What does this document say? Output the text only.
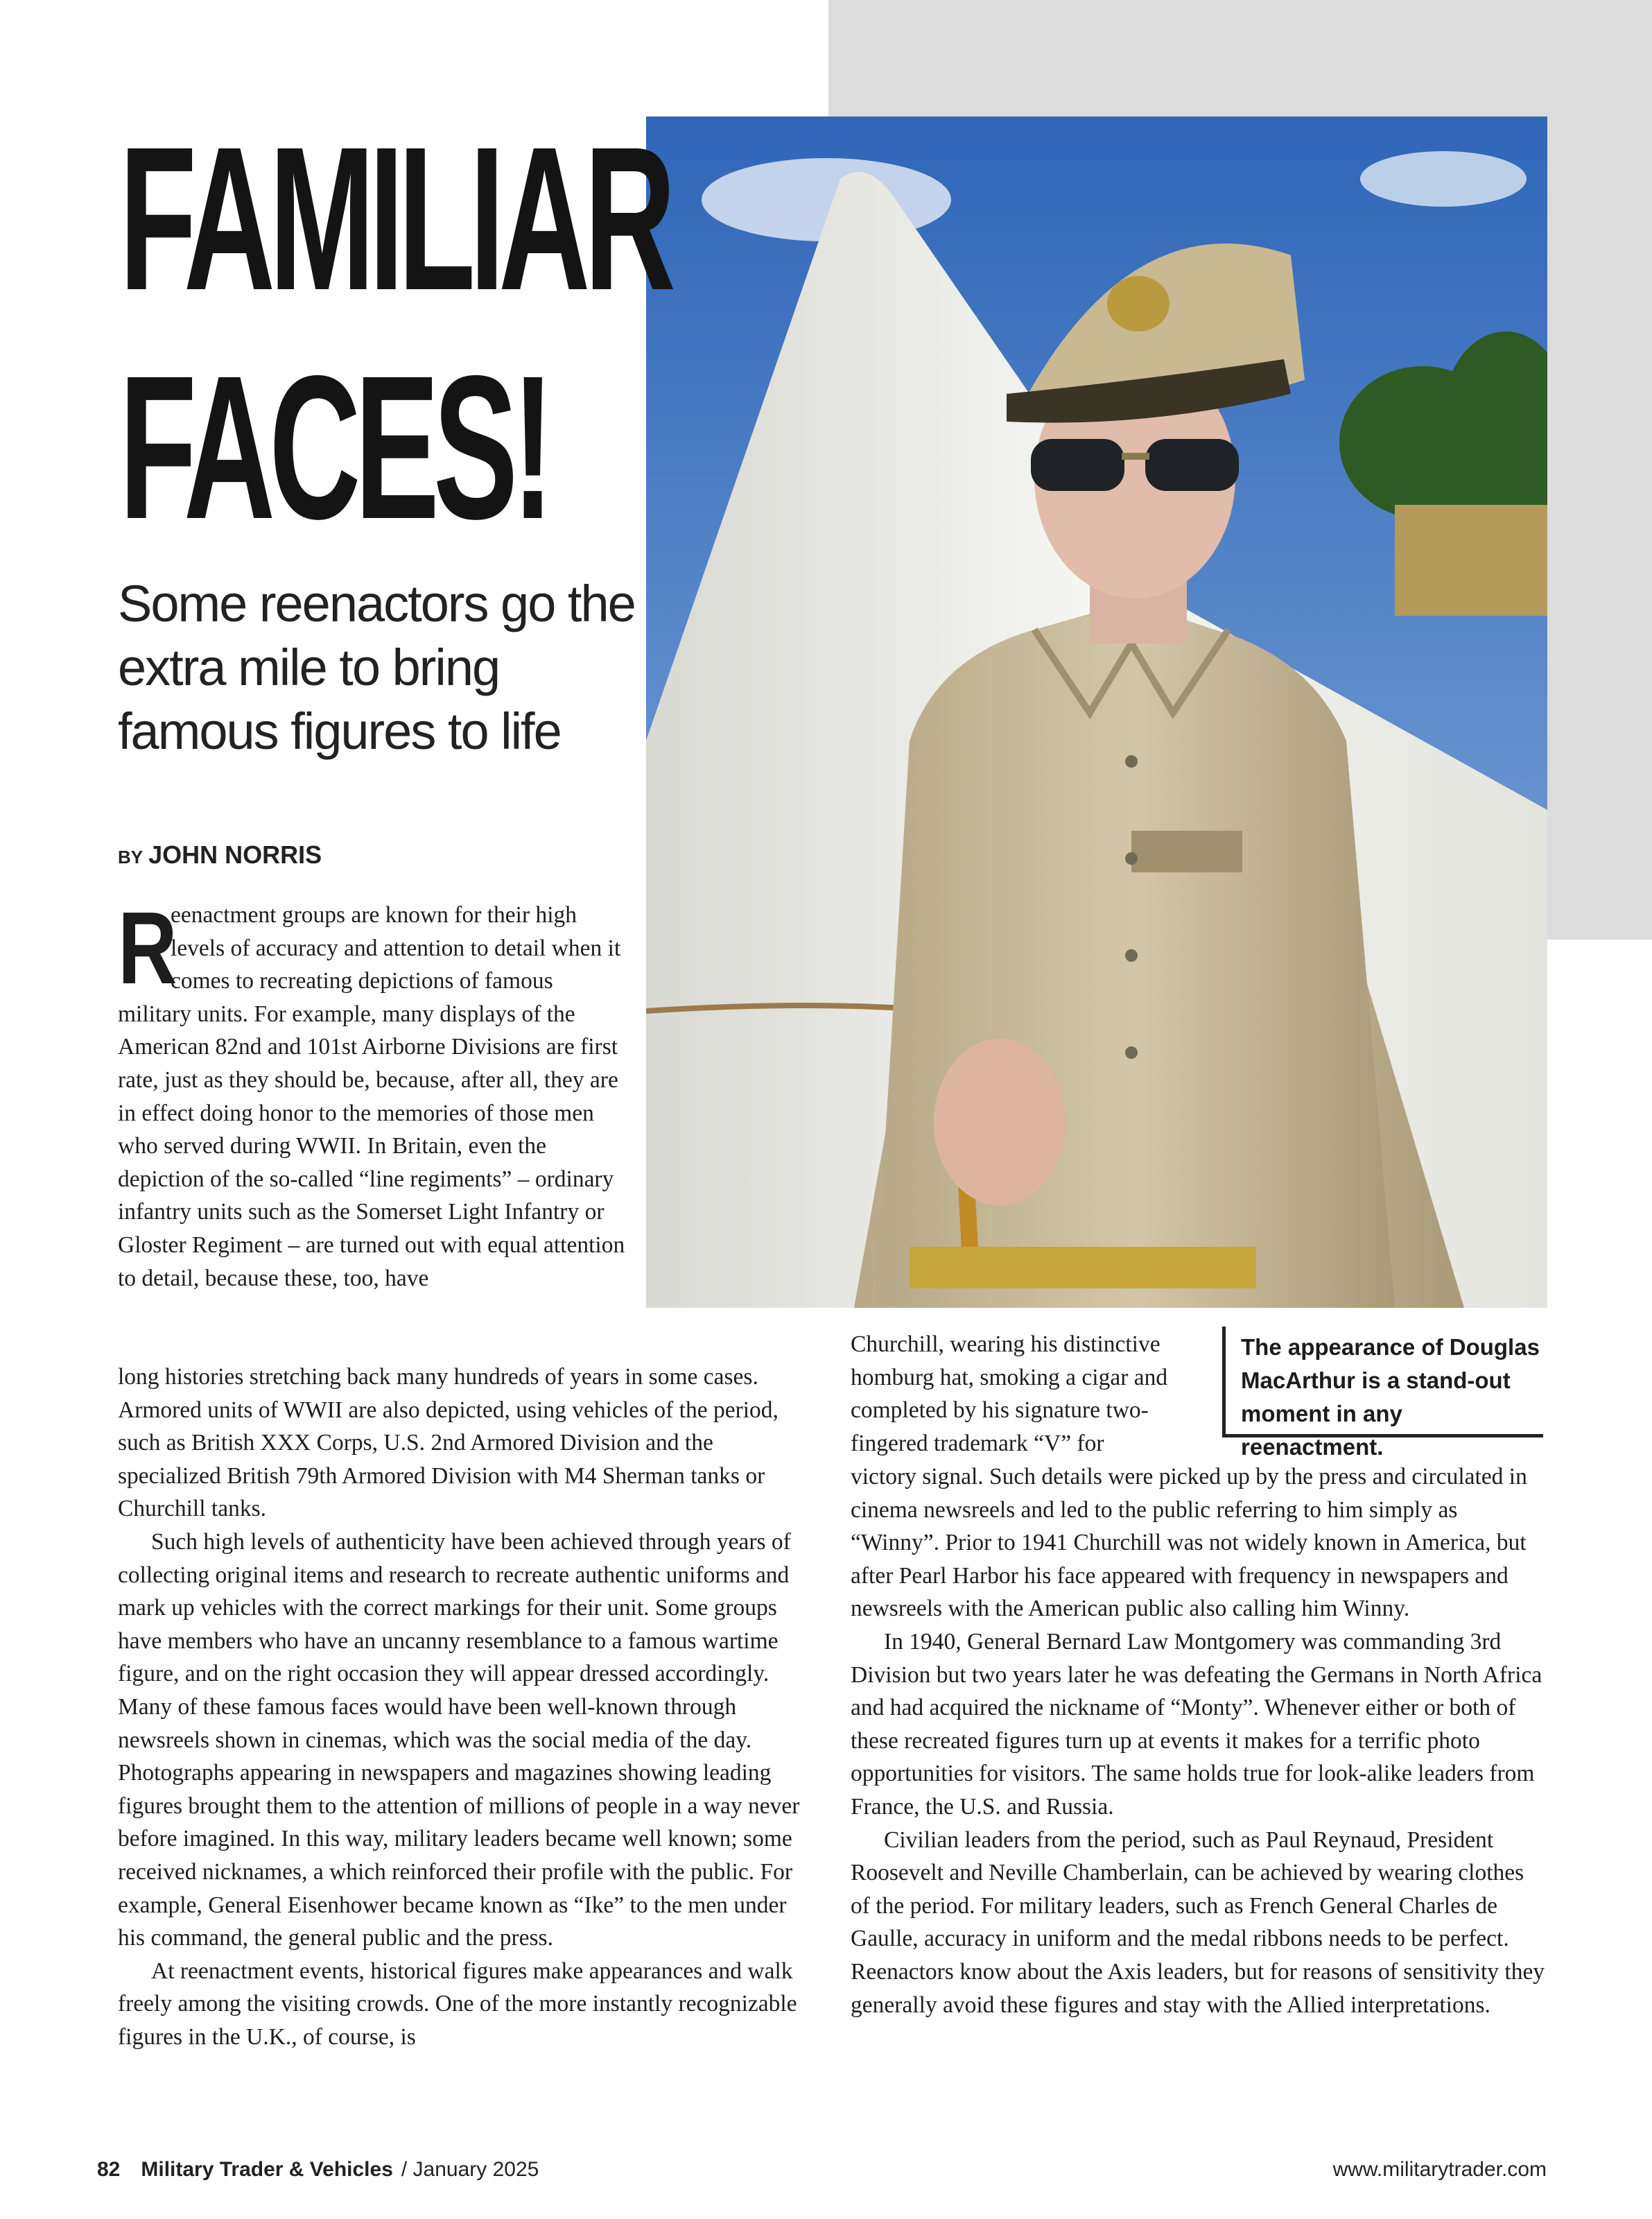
FAMILIAR
FACES!

Some reenactors go the extra mile to bring famous figures to life

BY JOHN NORRIS

R
eenactment groups are known for their high levels of accuracy and attention to detail when it comes to recreating depictions of famous military units. For example, many displays of the American 82nd and 101st Airborne Divisions are first rate, just as they should be, because, after all, they are in effect doing honor to the memories of those men who served during WWII. In Britain, even the depiction of the so-called “line regiments” – ordinary infantry units such as the Somerset Light Infantry or Gloster Regiment – are turned out with equal attention to detail, because these, too, have

long histories stretching back many hundreds of years in some cases. Armored units of WWII are also depicted, using vehicles of the period, such as British XXX Corps, U.S. 2nd Armored Division and the specialized British 79th Armored Division with M4 Sherman tanks or Churchill tanks.

Such high levels of authenticity have been achieved through years of collecting original items and research to recreate authentic uniforms and mark up vehicles with the correct markings for their unit. Some groups have members who have an uncanny resemblance to a famous wartime figure, and on the right occasion they will appear dressed accordingly. Many of these famous faces would have been well-known through newsreels shown in cinemas, which was the social media of the day. Photographs appearing in newspapers and magazines showing leading figures brought them to the attention of millions of people in a way never before imagined. In this way, military leaders became well known; some received nicknames, a which reinforced their profile with the public. For example, General Eisenhower became known as “Ike” to the men under his command, the general public and the press.

At reenactment events, historical figures make appearances and walk freely among the visiting crowds. One of the more instantly recognizable figures in the U.K., of course, is

Churchill, wearing his distinctive homburg hat, smoking a cigar and completed by his signature two-fingered trademark “V” for

The appearance of Douglas MacArthur is a stand-out moment in any reenactment.

victory signal. Such details were picked up by the press and circulated in cinema newsreels and led to the public referring to him simply as “Winny”. Prior to 1941 Churchill was not widely known in America, but after Pearl Harbor his face appeared with frequency in newspapers and newsreels with the American public also calling him Winny.

In 1940, General Bernard Law Montgomery was commanding 3rd Division but two years later he was defeating the Germans in North Africa and had acquired the nickname of “Monty”. Whenever either or both of these recreated figures turn up at events it makes for a terrific photo opportunities for visitors. The same holds true for look-alike leaders from France, the U.S. and Russia.

Civilian leaders from the period, such as Paul Reynaud, President Roosevelt and Neville Chamberlain, can be achieved by wearing clothes of the period. For military leaders, such as French General Charles de Gaulle, accuracy in uniform and the medal ribbons needs to be perfect. Reenactors know about the Axis leaders, but for reasons of sensitivity they generally avoid these figures and stay with the Allied interpretations.

82 Military Trader & Vehicles / January 2025	www.militarytrader.com
